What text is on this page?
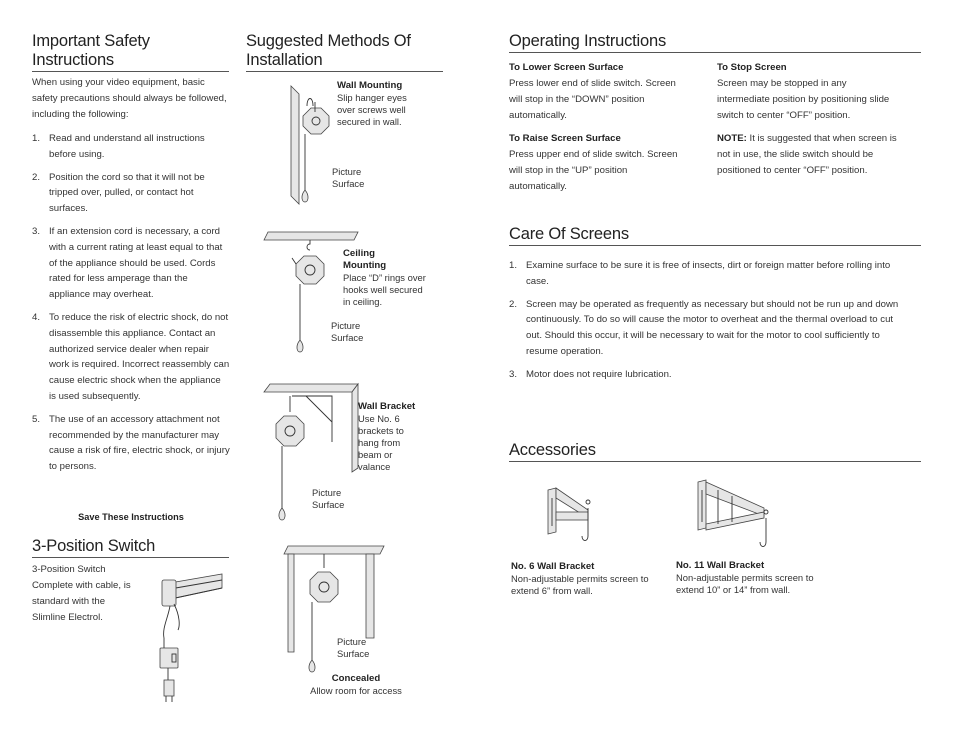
Important Safety
Instructions
When using your video equipment, basic safety precautions should always be followed, including the following:
1. Read and understand all instructions before using.
2. Position the cord so that it will not be tripped over, pulled, or contact hot surfaces.
3. If an extension cord is necessary, a cord with a current rating at least equal to that of the appliance should be used. Cords rated for less amperage than the appliance may overheat.
4. To reduce the risk of electric shock, do not disassemble this appliance. Contact an authorized service dealer when repair work is required. Incorrect reassembly can cause electric shock when the appliance is used subsequently.
5. The use of an accessory attachment not recommended by the manufacturer may cause a risk of fire, electric shock, or injury to persons.
Save These Instructions
3-Position Switch
3-Position Switch Complete with cable, is standard with the Slimline Electrol.
Suggested Methods Of
Installation
Wall Mounting
Slip hanger eyes over screws well secured in wall.
Picture
Surface
Ceiling
Mounting
Place “D” rings over hooks well secured in ceiling.
Picture
Surface
Wall Bracket
Use No. 6 brackets to hang from beam or valance
Picture
Surface
Picture
Surface
Concealed
Allow room for access
Operating Instructions
To Lower Screen Surface
Press lower end of slide switch. Screen will stop in the “DOWN” position automatically.
To Raise Screen Surface
Press upper end of slide switch. Screen will stop in the “UP” position automatically.
To Stop Screen
Screen may be stopped in any intermediate position by positioning slide switch to center “OFF” position.
NOTE: It is suggested that when screen is not in use, the slide switch should be positioned to center “OFF” position.
Care Of Screens
1. Examine surface to be sure it is free of insects, dirt or foreign matter before rolling into case.
2. Screen may be operated as frequently as necessary but should not be run up and down continuously. To do so will cause the motor to overheat and the thermal overload to cut out. Should this occur, it will be necessary to wait for the motor to cool sufficiently to resume operation.
3. Motor does not require lubrication.
Accessories
No. 6 Wall Bracket
Non-adjustable permits screen to extend 6” from wall.
No. 11 Wall Bracket
Non-adjustable permits screen to extend 10” or 14” from wall.
